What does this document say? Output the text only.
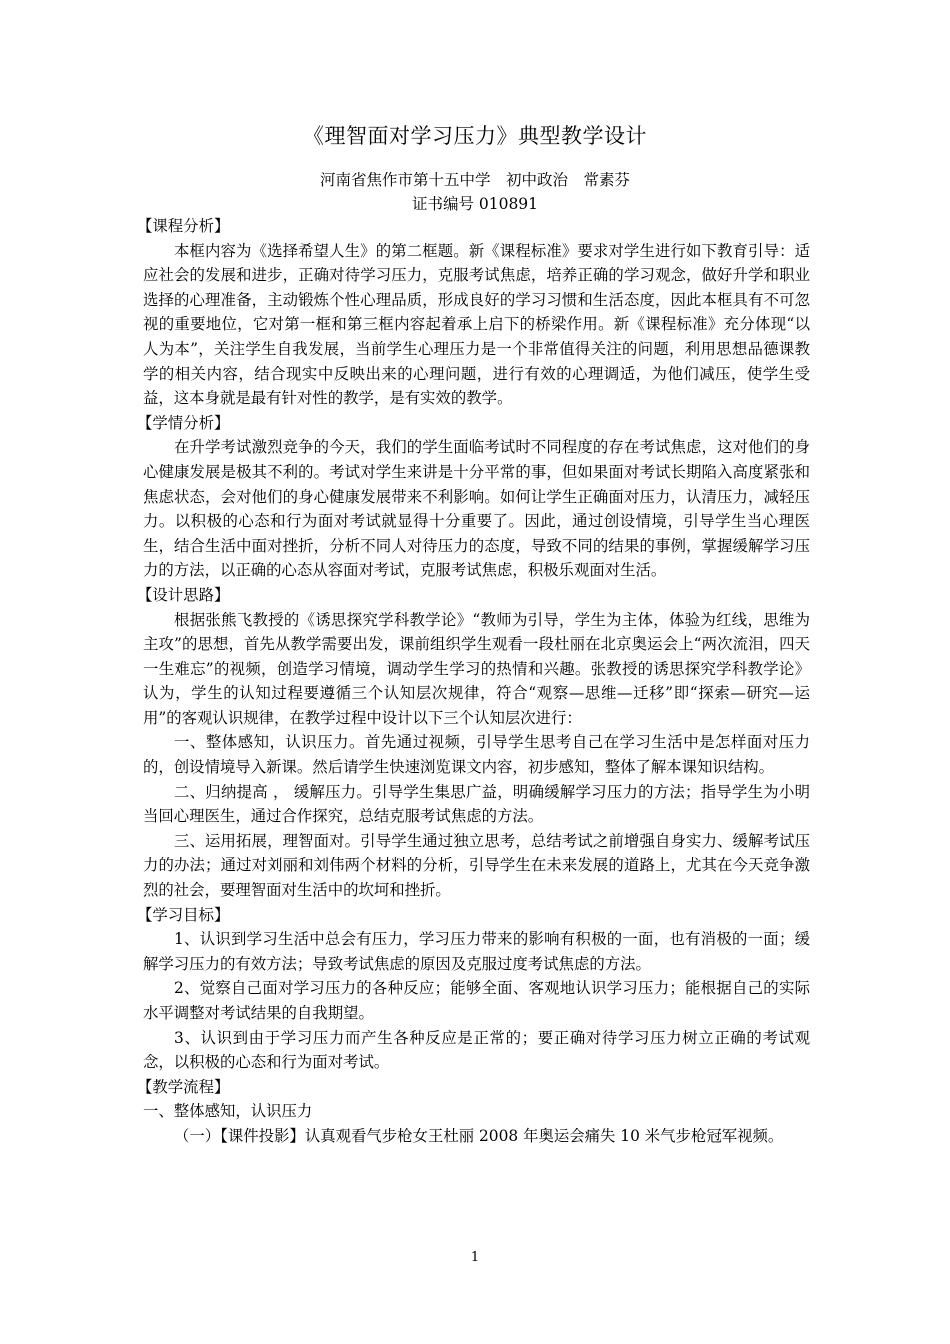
《理智面对学习压力》典型教学设计
河南省焦作市第十五中学　初中政治　常素芬
证书编号 010891

【课程分析】

本框内容为《选择希望人生》的第二框题。新《课程标准》要求对学生进行如下教育引导：适应社会的发展和进步，正确对待学习压力，克服考试焦虑，培养正确的学习观念，做好升学和职业选择的心理准备，主动锻炼个性心理品质，形成良好的学习习惯和生活态度，因此本框具有不可忽视的重要地位，它对第一框和第三框内容起着承上启下的桥梁作用。新《课程标准》充分体现“以人为本”，关注学生自我发展，当前学生心理压力是一个非常值得关注的问题，利用思想品德课教学的相关内容，结合现实中反映出来的心理问题，进行有效的心理调适，为他们减压，使学生受益，这本身就是最有针对性的教学，是有实效的教学。

【学情分析】

在升学考试激烈竞争的今天，我们的学生面临考试时不同程度的存在考试焦虑，这对他们的身心健康发展是极其不利的。考试对学生来讲是十分平常的事，但如果面对考试长期陷入高度紧张和焦虑状态，会对他们的身心健康发展带来不利影响。如何让学生正确面对压力，认清压力，减轻压力。以积极的心态和行为面对考试就显得十分重要了。因此，通过创设情境，引导学生当心理医生，结合生活中面对挫折，分析不同人对待压力的态度，导致不同的结果的事例，掌握缓解学习压力的方法，以正确的心态从容面对考试，克服考试焦虑，积极乐观面对生活。

【设计思路】

根据张熊飞教授的《诱思探究学科教学论》“教师为引导，学生为主体，体验为红线，思维为主攻”的思想，首先从教学需要出发，课前组织学生观看一段杜丽在北京奥运会上“两次流泪，四天一生难忘”的视频，创造学习情境，调动学生学习的热情和兴趣。张教授的诱思探究学科教学论》认为，学生的认知过程要遵循三个认知层次规律，符合“观察—思维—迁移”即“探索—研究—运用”的客观认识规律，在教学过程中设计以下三个认知层次进行：

一、整体感知，认识压力。首先通过视频，引导学生思考自己在学习生活中是怎样面对压力的，创设情境导入新课。然后请学生快速浏览课文内容，初步感知，整体了解本课知识结构。

二、归纳提高 ， 缓解压力。引导学生集思广益，明确缓解学习压力的方法；指导学生为小明当回心理医生，通过合作探究，总结克服考试焦虑的方法。

三、运用拓展，理智面对。引导学生通过独立思考，总结考试之前增强自身实力、缓解考试压力的办法；通过对刘丽和刘伟两个材料的分析，引导学生在未来发展的道路上，尤其在今天竞争激烈的社会，要理智面对生活中的坎坷和挫折。

【学习目标】

1、认识到学习生活中总会有压力，学习压力带来的影响有积极的一面，也有消极的一面；缓解学习压力的有效方法；导致考试焦虑的原因及克服过度考试焦虑的方法。

2、觉察自己面对学习压力的各种反应；能够全面、客观地认识学习压力；能根据自己的实际水平调整对考试结果的自我期望。

3、认识到由于学习压力而产生各种反应是正常的；要正确对待学习压力树立正确的考试观念，以积极的心态和行为面对考试。

【教学流程】

一、整体感知，认识压力

（一）【课件投影】认真观看气步枪女王杜丽 2008 年奥运会痛失 10 米气步枪冠军视频。

1
